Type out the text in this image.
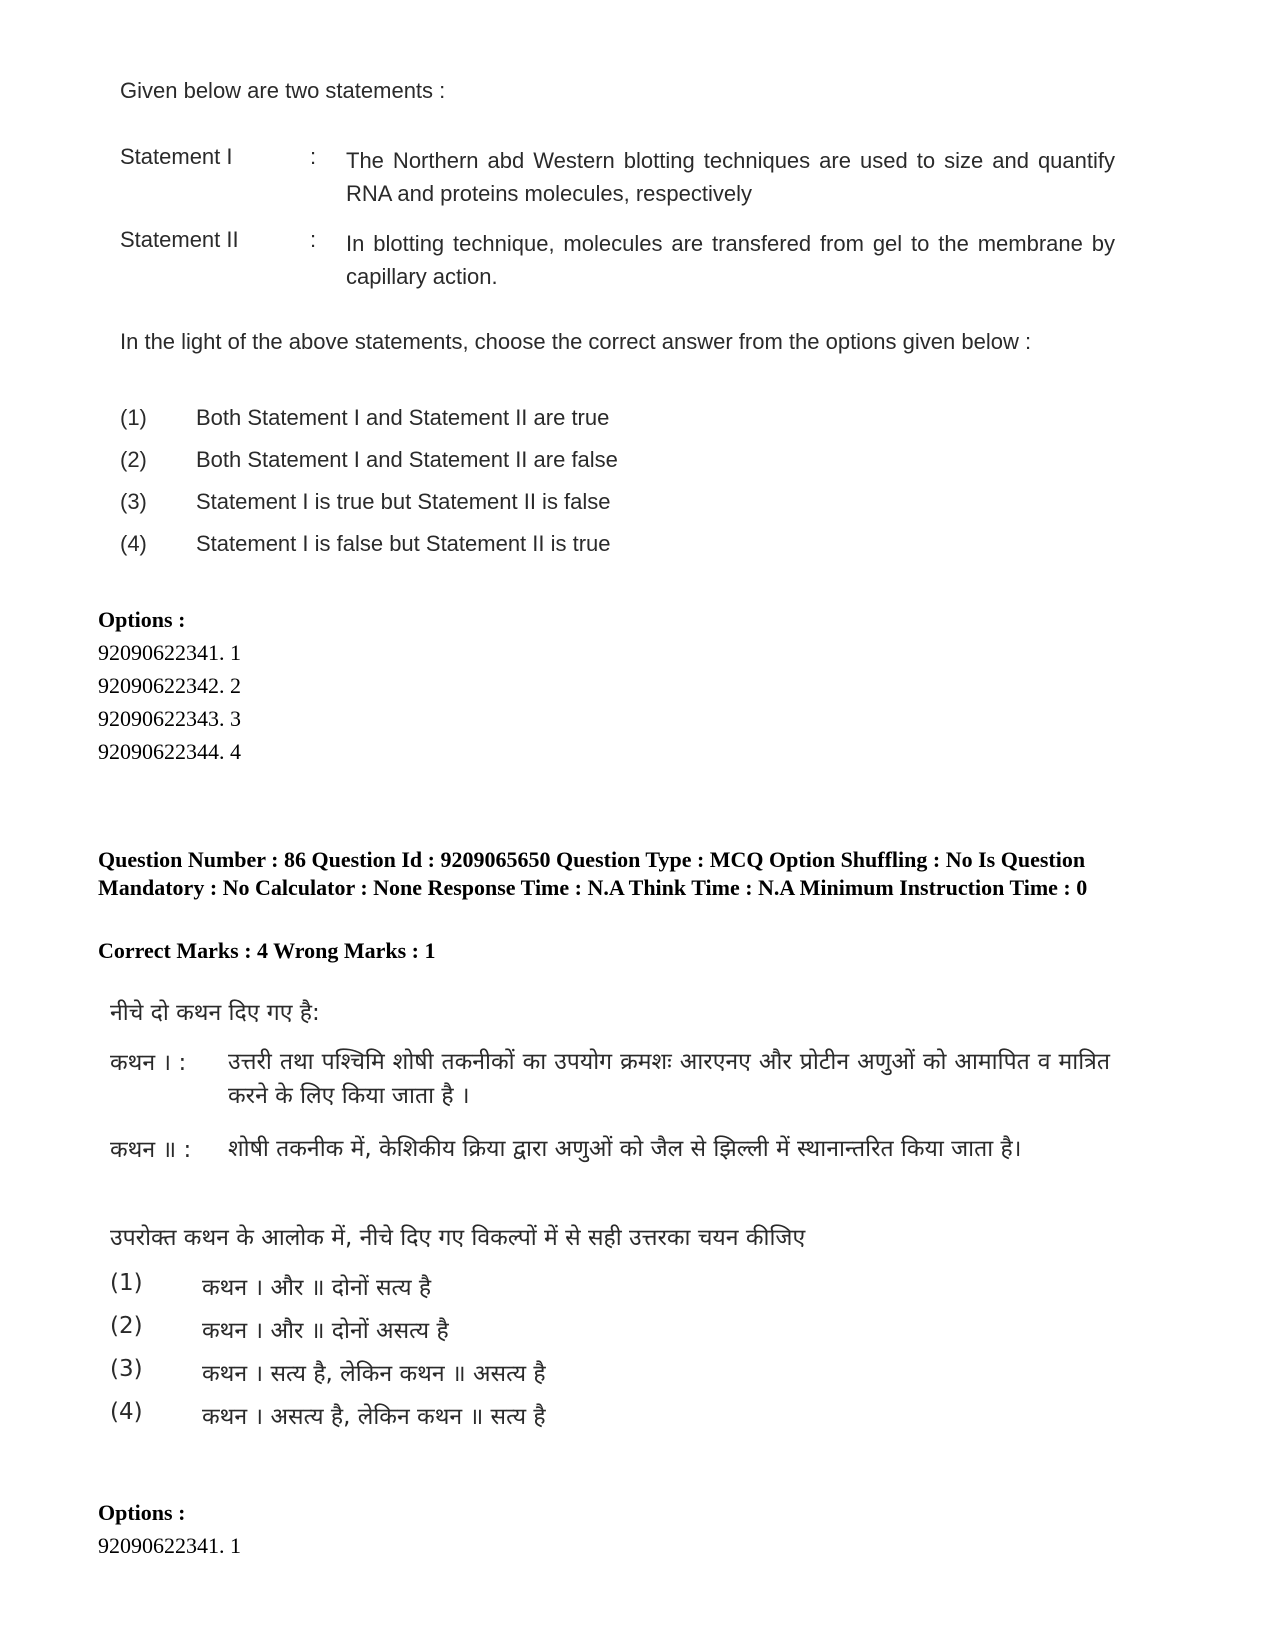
Given below are two statements :
Statement I	: The Northern abd Western blotting techniques are used to size and quantify RNA and proteins molecules, respectively
Statement II	: In blotting technique, molecules are transfered from gel to the membrane by capillary action.
In the light of the above statements, choose the correct answer from the options given below :
(1) Both Statement I and Statement II are true
(2) Both Statement I and Statement II are false
(3) Statement I is true but Statement II is false
(4) Statement I is false but Statement II is true
Options :
92090622341. 1
92090622342. 2
92090622343. 3
92090622344. 4
Question Number : 86 Question Id : 9209065650 Question Type : MCQ Option Shuffling : No Is Question Mandatory : No Calculator : None Response Time : N.A Think Time : N.A Minimum Instruction Time : 0
Correct Marks : 4 Wrong Marks : 1
नीचे दो कथन दिए गए है:
कथन । : उत्तरी तथा पश्चिमि शोषी तकनीकों का उपयोग क्रमशः आरएनए और प्रोटीन अणुओं को आमापित व मात्रित करने के लिए किया जाता है ।
कथन ॥ : शोषी तकनीक में, केशिकीय क्रिया द्वारा अणुओं को जैल से झिल्ली में स्थानान्तरित किया जाता है।
उपरोक्त कथन के आलोक में, नीचे दिए गए विकल्पों में से सही उत्तरका चयन कीजिए
(1)	कथन । और ॥ दोनों सत्य है
(2)	कथन । और ॥ दोनों असत्य है
(3)	कथन । सत्य है, लेकिन कथन ॥ असत्य है
(4)	कथन । असत्य है, लेकिन कथन ॥ सत्य है
Options :
92090622341. 1
